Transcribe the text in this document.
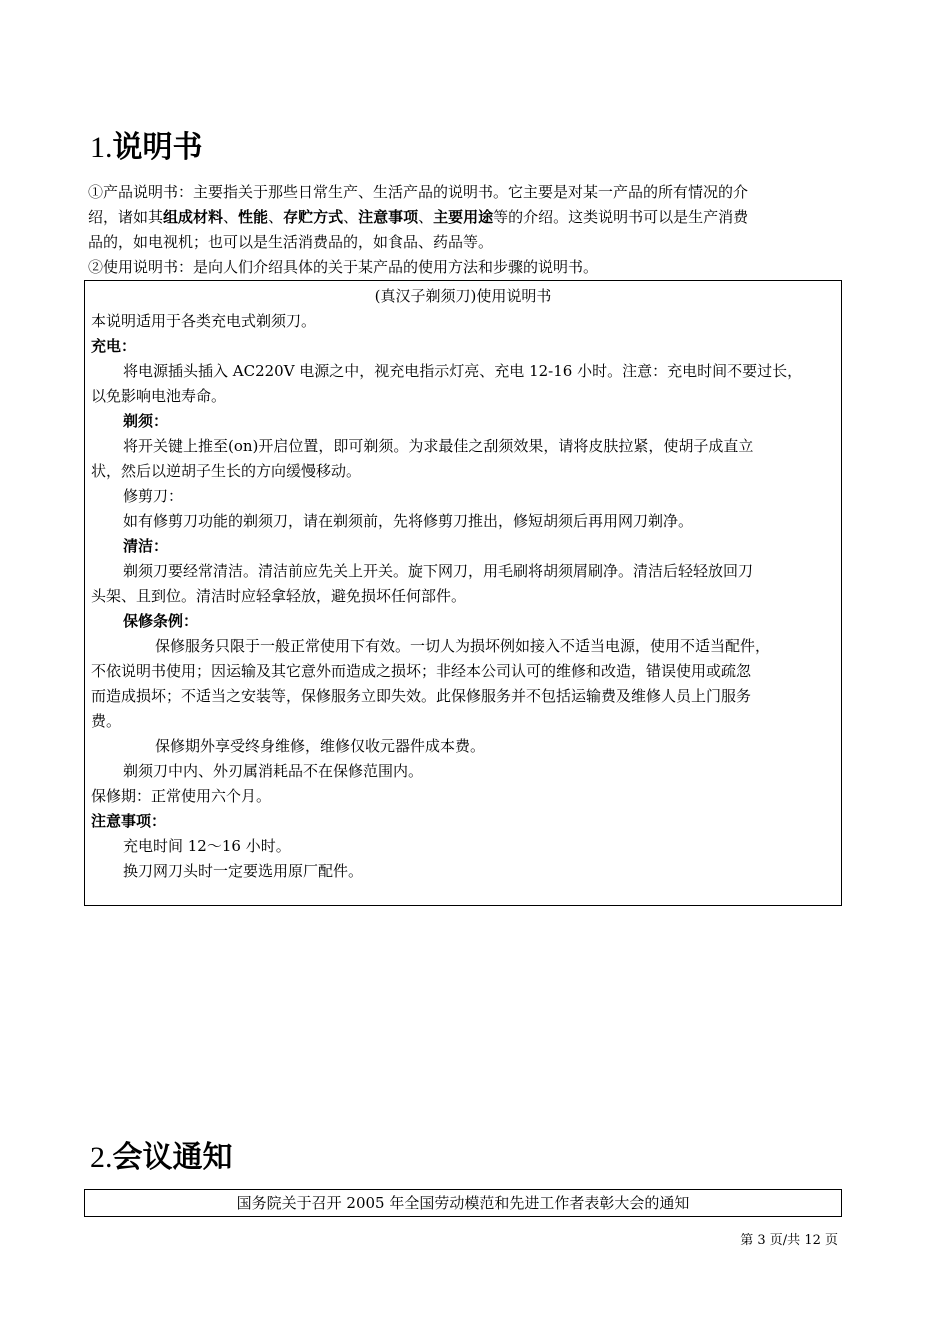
1.说明书
①产品说明书：主要指关于那些日常生产、生活产品的说明书。它主要是对某一产品的所有情况的介
绍，诸如其组成材料、性能、存贮方式、注意事项、主要用途等的介绍。这类说明书可以是生产消费
品的，如电视机；也可以是生活消费品的，如食品、药品等。
②使用说明书：是向人们介绍具体的关于某产品的使用方法和步骤的说明书。
(真汉子剃须刀)使用说明书
本说明适用于各类充电式剃须刀。
充电：
将电源插头插入 AC220V 电源之中，视充电指示灯亮、充电 12-16 小时。注意：充电时间不要过长，
以免影响电池寿命。
剃须：
将开关键上推至(on)开启位置，即可剃须。为求最佳之刮须效果，请将皮肤拉紧，使胡子成直立
状，然后以逆胡子生长的方向缓慢移动。
修剪刀：
如有修剪刀功能的剃须刀，请在剃须前，先将修剪刀推出，修短胡须后再用网刀剃净。
清洁：
剃须刀要经常清洁。清洁前应先关上开关。旋下网刀，用毛刷将胡须屑刷净。清洁后轻轻放回刀
头架、且到位。清洁时应轻拿轻放，避免损坏任何部件。
保修条例：
保修服务只限于一般正常使用下有效。一切人为损坏例如接入不适当电源，使用不适当配件，
不依说明书使用；因运输及其它意外而造成之损坏；非经本公司认可的维修和改造，错误使用或疏忽
而造成损坏；不适当之安装等，保修服务立即失效。此保修服务并不包括运输费及维修人员上门服务
费。
保修期外享受终身维修，维修仅收元器件成本费。
剃须刀中内、外刃属消耗品不在保修范围内。
保修期：正常使用六个月。
注意事项：
充电时间 12～16 小时。
换刀网刀头时一定要选用原厂配件。
2.会议通知
国务院关于召开 2005 年全国劳动模范和先进工作者表彰大会的通知
第 3 页/共 12 页
